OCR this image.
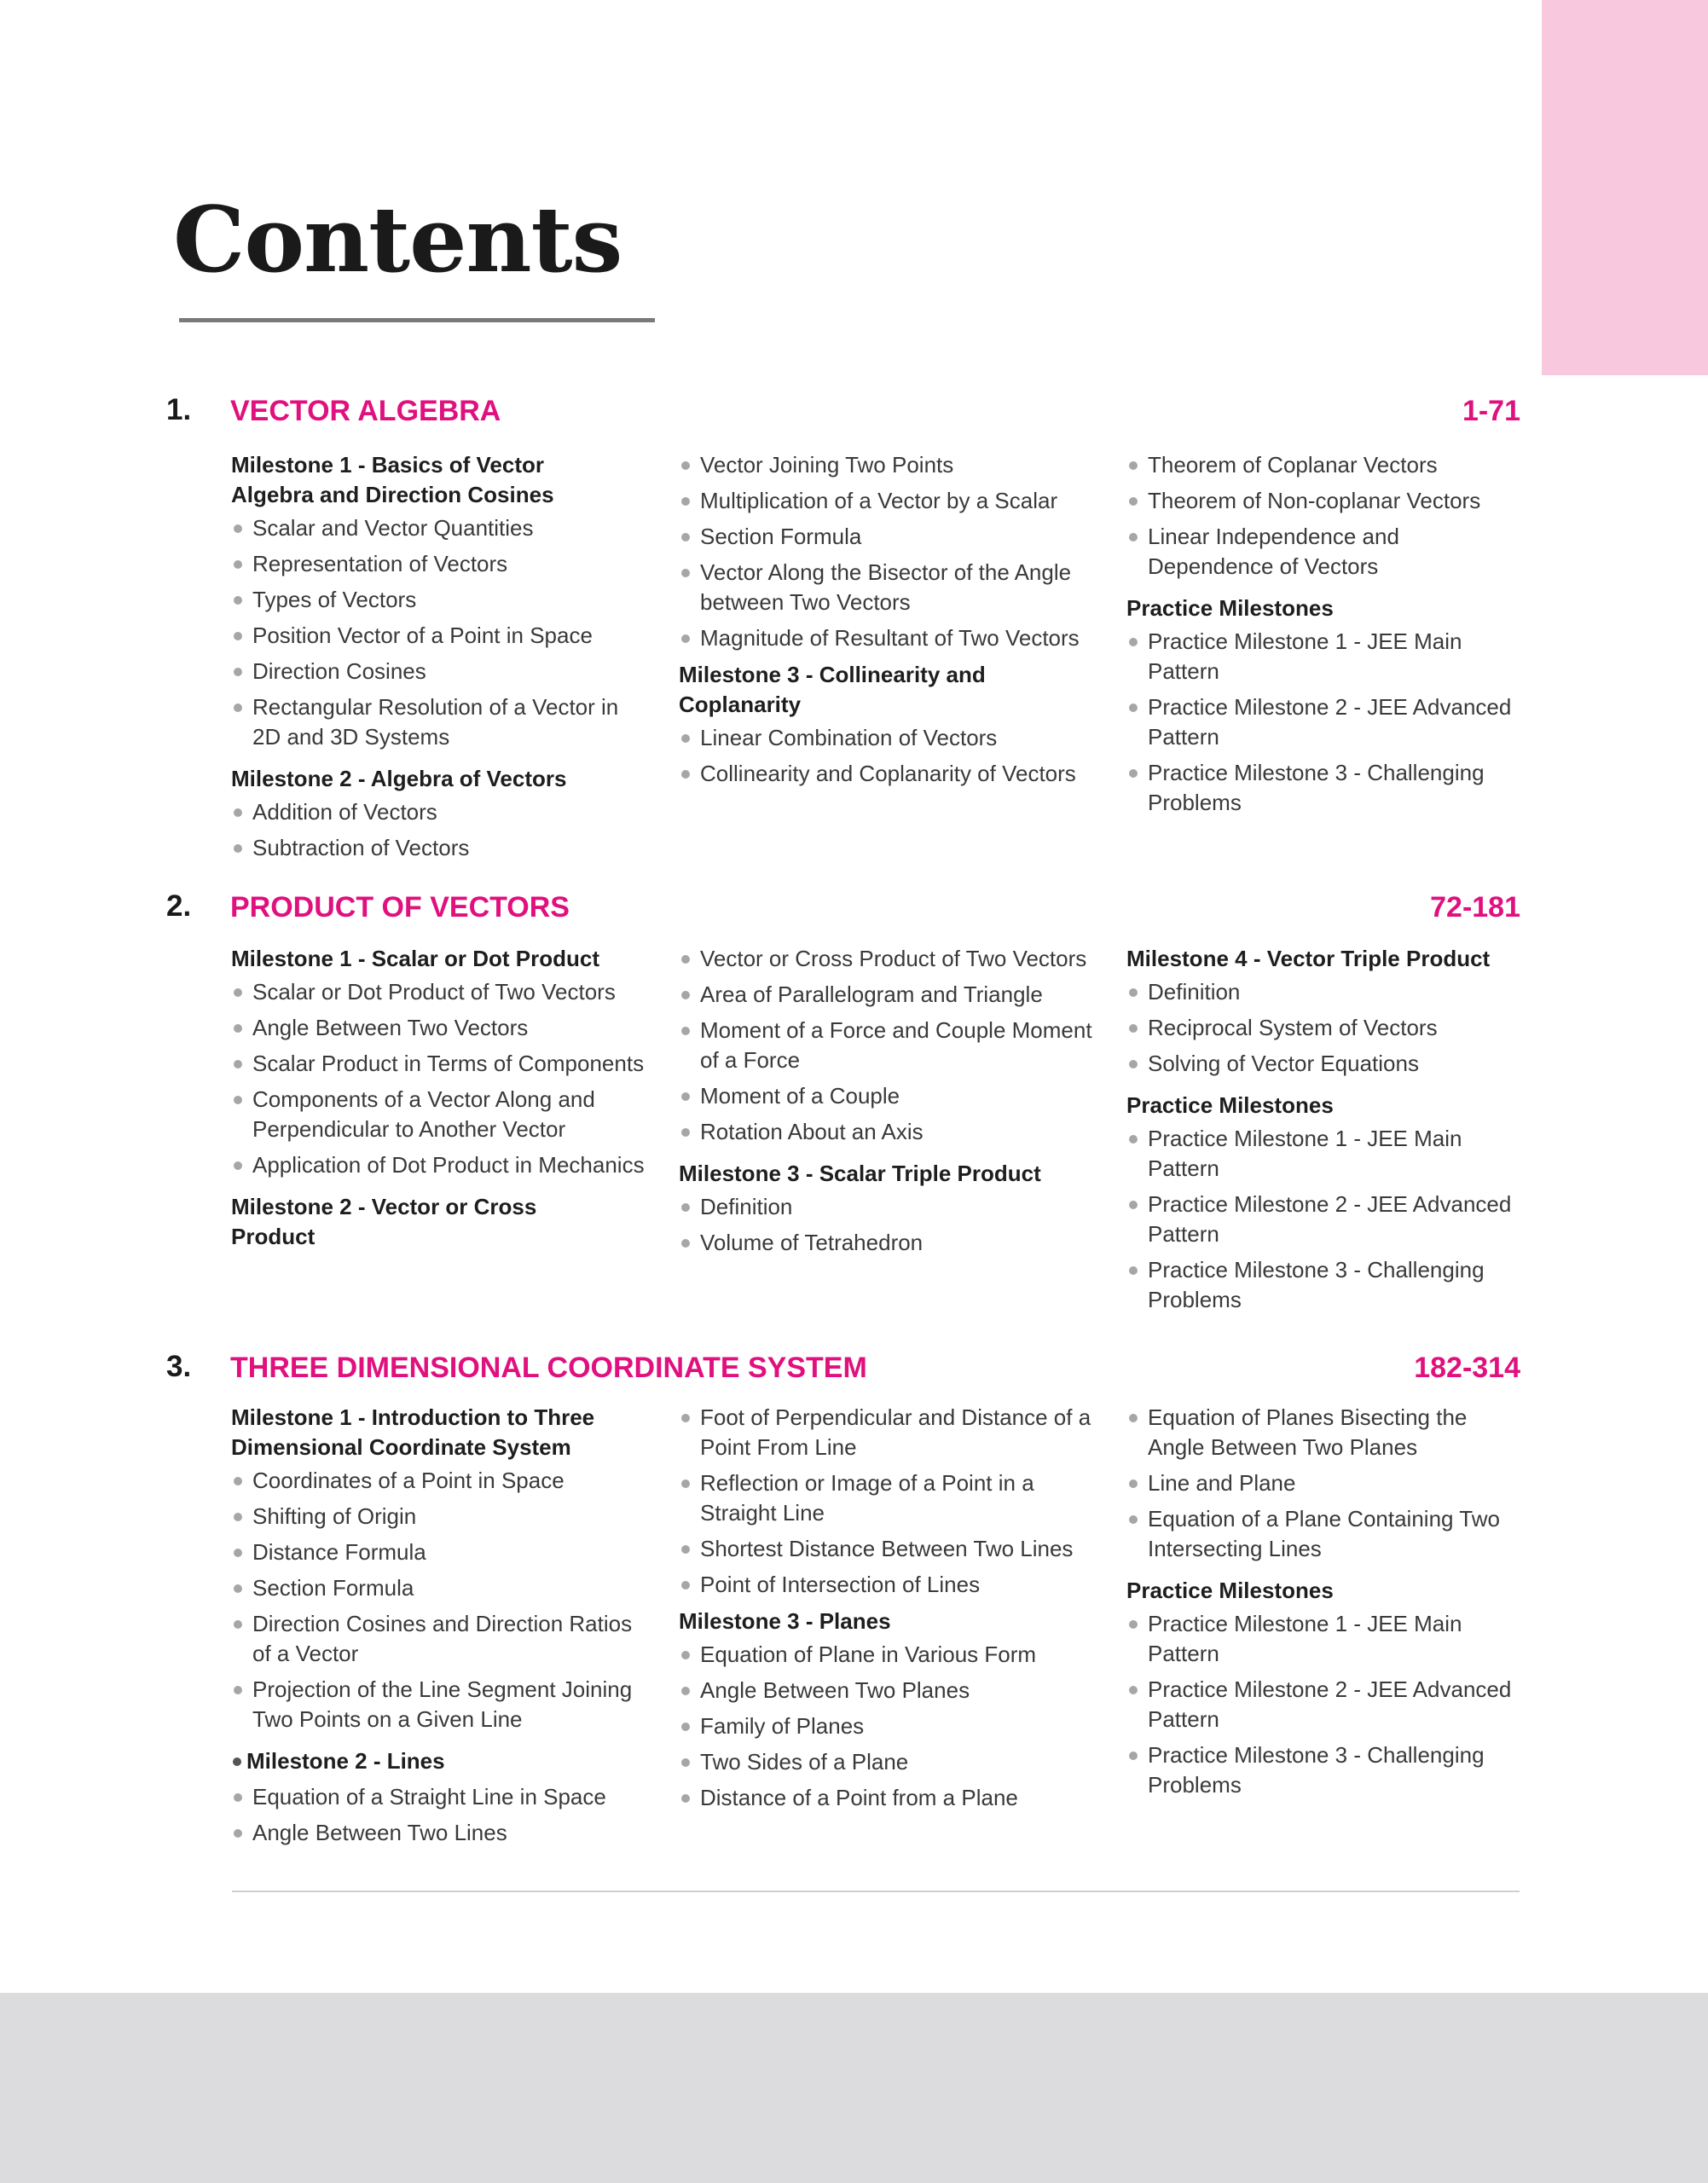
Contents
1. VECTOR ALGEBRA	1-71
Milestone 1 - Basics of Vector Algebra and Direction Cosines
Scalar and Vector Quantities
Representation of Vectors
Types of Vectors
Position Vector of a Point in Space
Direction Cosines
Rectangular Resolution of a Vector in 2D and 3D Systems
Milestone 2 - Algebra of Vectors
Addition of Vectors
Subtraction of Vectors
Vector Joining Two Points
Multiplication of a Vector by a Scalar
Section Formula
Vector Along the Bisector of the Angle between Two Vectors
Magnitude of Resultant of Two Vectors
Milestone 3 - Collinearity and Coplanarity
Linear Combination of Vectors
Collinearity and Coplanarity of Vectors
Theorem of Coplanar Vectors
Theorem of Non-coplanar Vectors
Linear Independence and Dependence of Vectors
Practice Milestones
Practice Milestone 1 - JEE Main Pattern
Practice Milestone 2 - JEE Advanced Pattern
Practice Milestone 3 - Challenging Problems
2. PRODUCT OF VECTORS	72-181
Milestone 1 - Scalar or Dot Product
Scalar or Dot Product of Two Vectors
Angle Between Two Vectors
Scalar Product in Terms of Components
Components of a Vector Along and Perpendicular to Another Vector
Application of Dot Product in Mechanics
Milestone 2 - Vector or Cross Product
Vector or Cross Product of Two Vectors
Area of Parallelogram and Triangle
Moment of a Force and Couple Moment of a Force
Moment of a Couple
Rotation About an Axis
Milestone 3 - Scalar Triple Product
Definition
Volume of Tetrahedron
Milestone 4 - Vector Triple Product
Definition
Reciprocal System of Vectors
Solving of Vector Equations
Practice Milestones
Practice Milestone 1 - JEE Main Pattern
Practice Milestone 2 - JEE Advanced Pattern
Practice Milestone 3 - Challenging Problems
3. THREE DIMENSIONAL COORDINATE SYSTEM	182-314
Milestone 1 - Introduction to Three Dimensional Coordinate System
Coordinates of a Point in Space
Shifting of Origin
Distance Formula
Section Formula
Direction Cosines and Direction Ratios of a Vector
Projection of the Line Segment Joining Two Points on a Given Line
Milestone 2 - Lines
Equation of a Straight Line in Space
Angle Between Two Lines
Foot of Perpendicular and Distance of a Point From Line
Reflection or Image of a Point in a Straight Line
Shortest Distance Between Two Lines
Point of Intersection of Lines
Milestone 3 - Planes
Equation of Plane in Various Form
Angle Between Two Planes
Family of Planes
Two Sides of a Plane
Distance of a Point from a Plane
Equation of Planes Bisecting the Angle Between Two Planes
Line and Plane
Equation of a Plane Containing Two Intersecting Lines
Practice Milestones
Practice Milestone 1 - JEE Main Pattern
Practice Milestone 2 - JEE Advanced Pattern
Practice Milestone 3 - Challenging Problems
